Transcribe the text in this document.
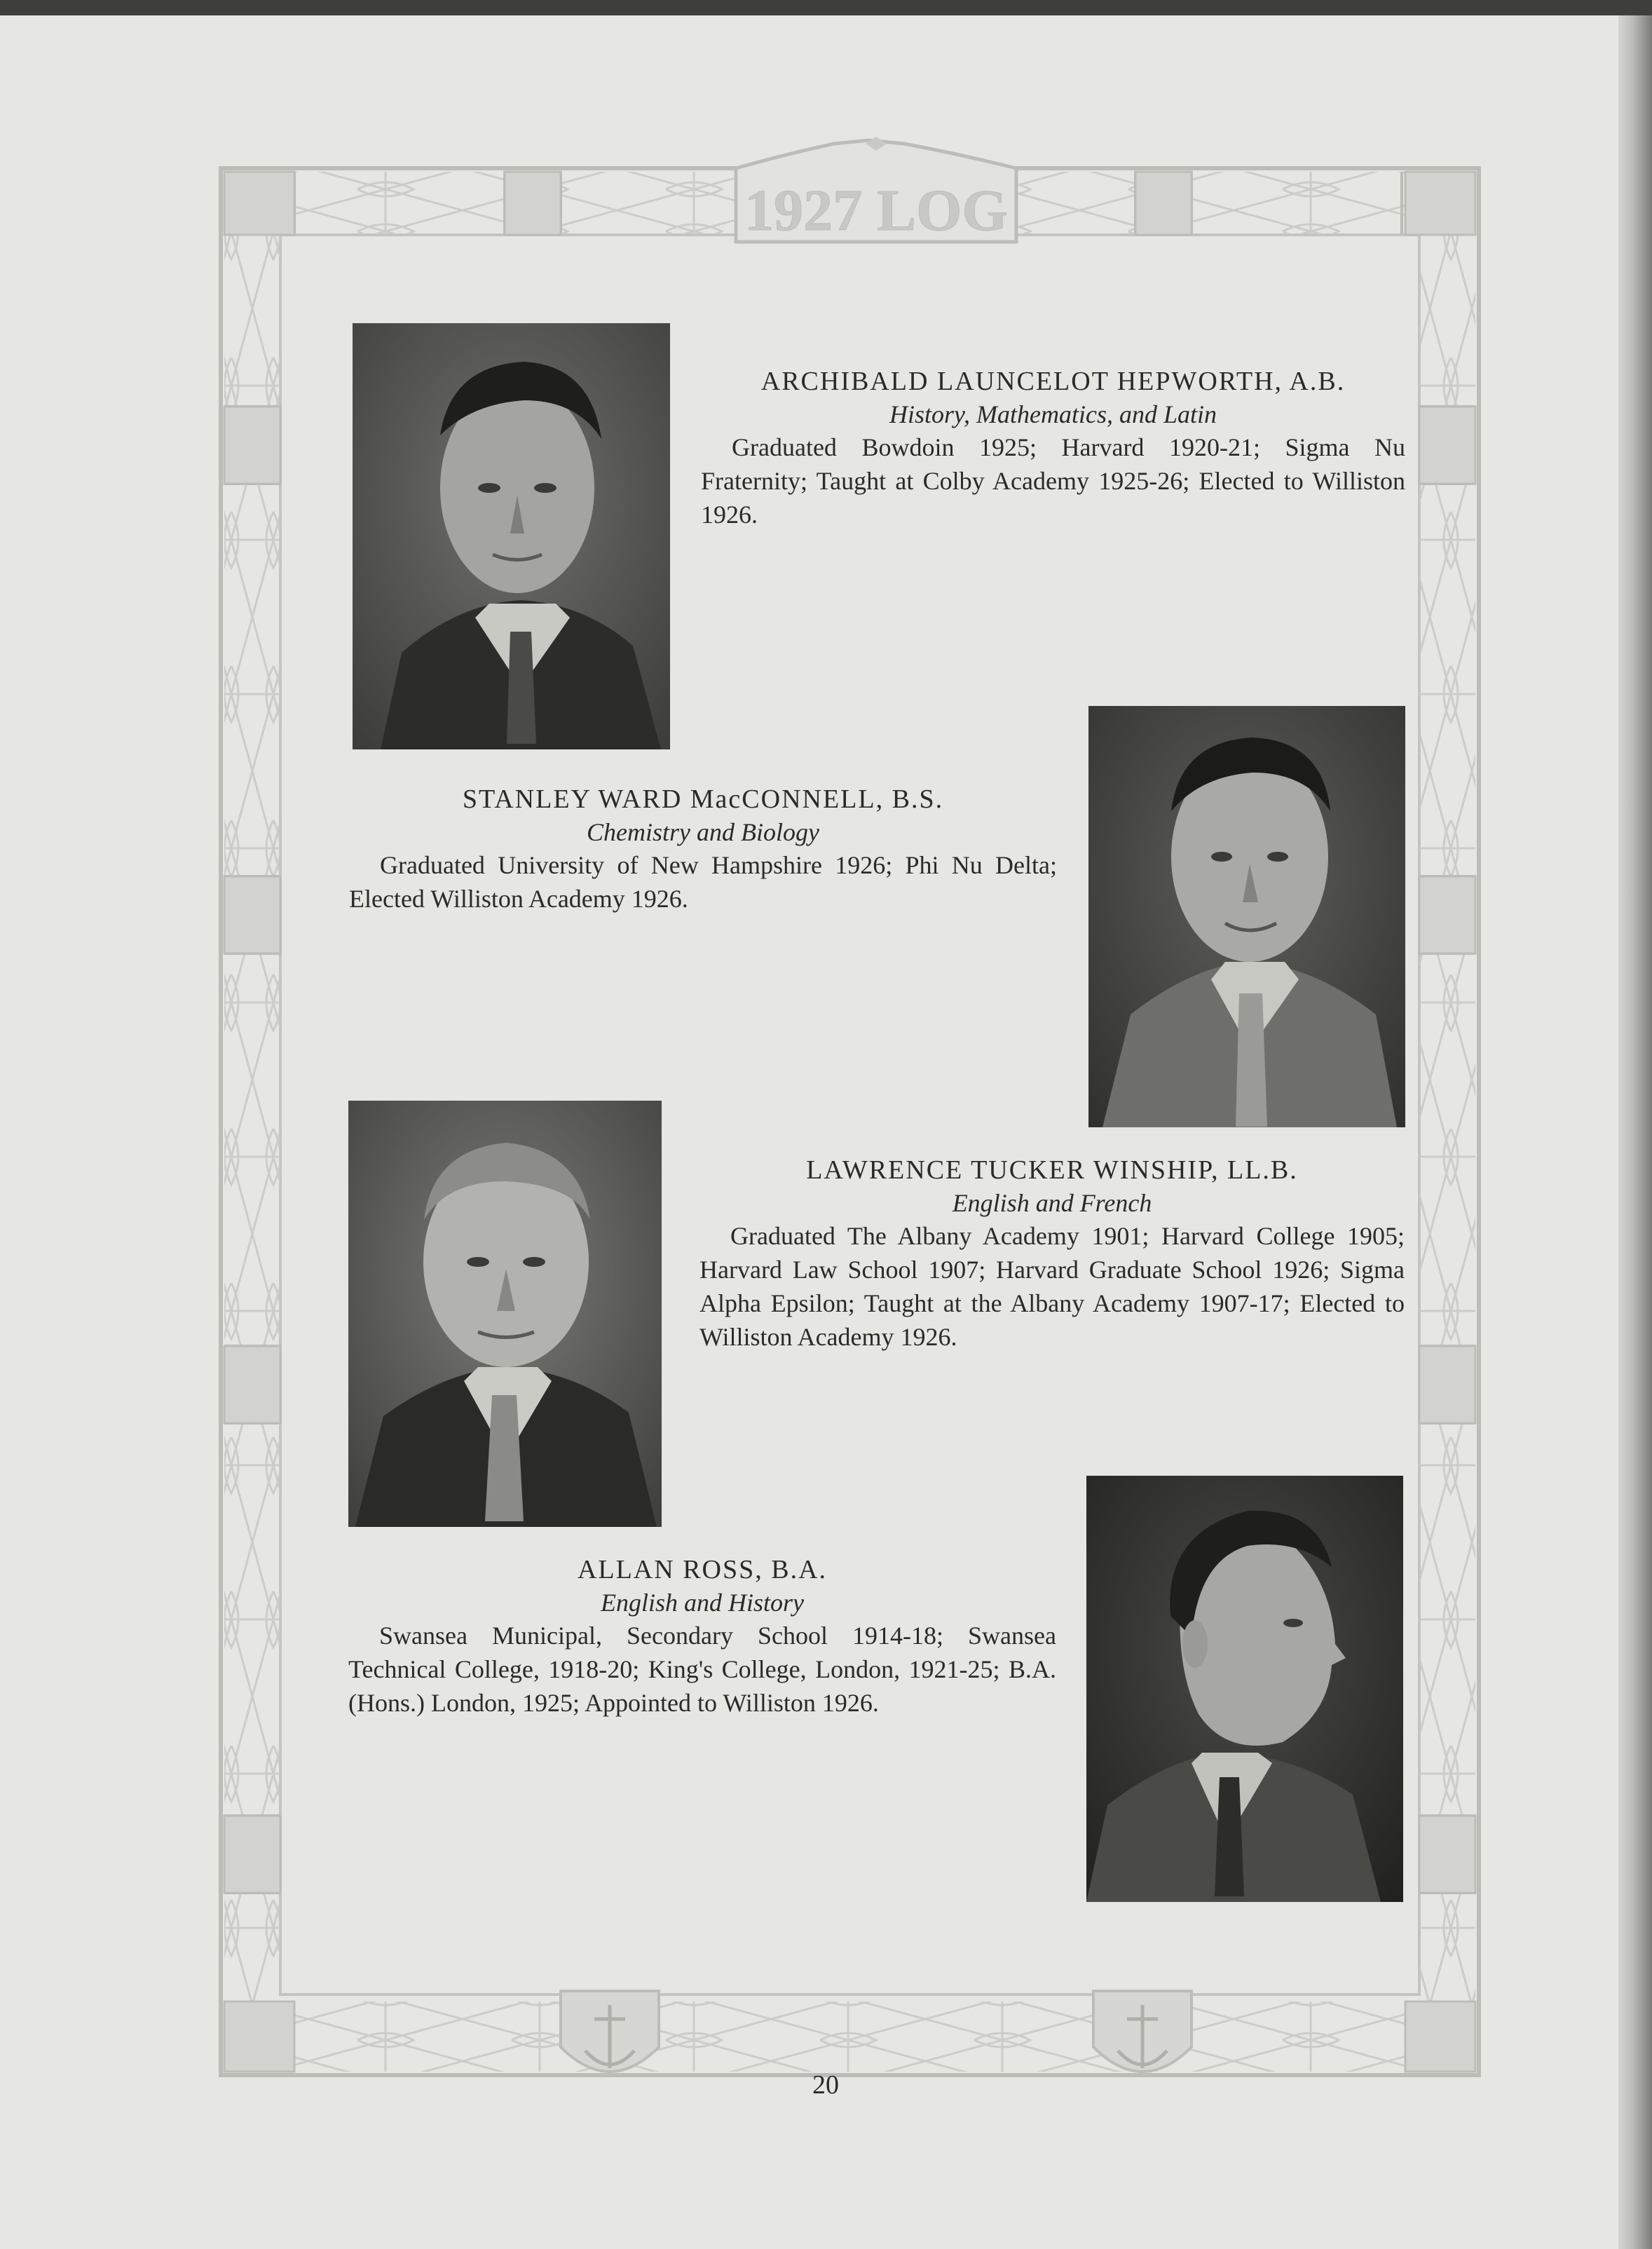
1927 LOG
ARCHIBALD LAUNCELOT HEPWORTH, A.B.
History, Mathematics, and Latin

Graduated Bowdoin 1925; Harvard 1920-21; Sigma Nu Fraternity; Taught at Colby Academy 1925-26; Elected to Williston 1926.

STANLEY WARD MacCONNELL, B.S.
Chemistry and Biology

Graduated University of New Hampshire 1926; Phi Nu Delta; Elected Williston Academy 1926.

LAWRENCE TUCKER WINSHIP, LL.B.
English and French

Graduated The Albany Academy 1901; Harvard College 1905; Harvard Law School 1907; Harvard Graduate School 1926; Sigma Alpha Epsilon; Taught at the Albany Academy 1907-17; Elected to Williston Academy 1926.

ALLAN ROSS, B.A.
English and History

Swansea Municipal, Secondary School 1914-18; Swansea Technical College, 1918-20; King's College, London, 1921-25; B.A. (Hons.) London, 1925; Appointed to Williston 1926.

20
